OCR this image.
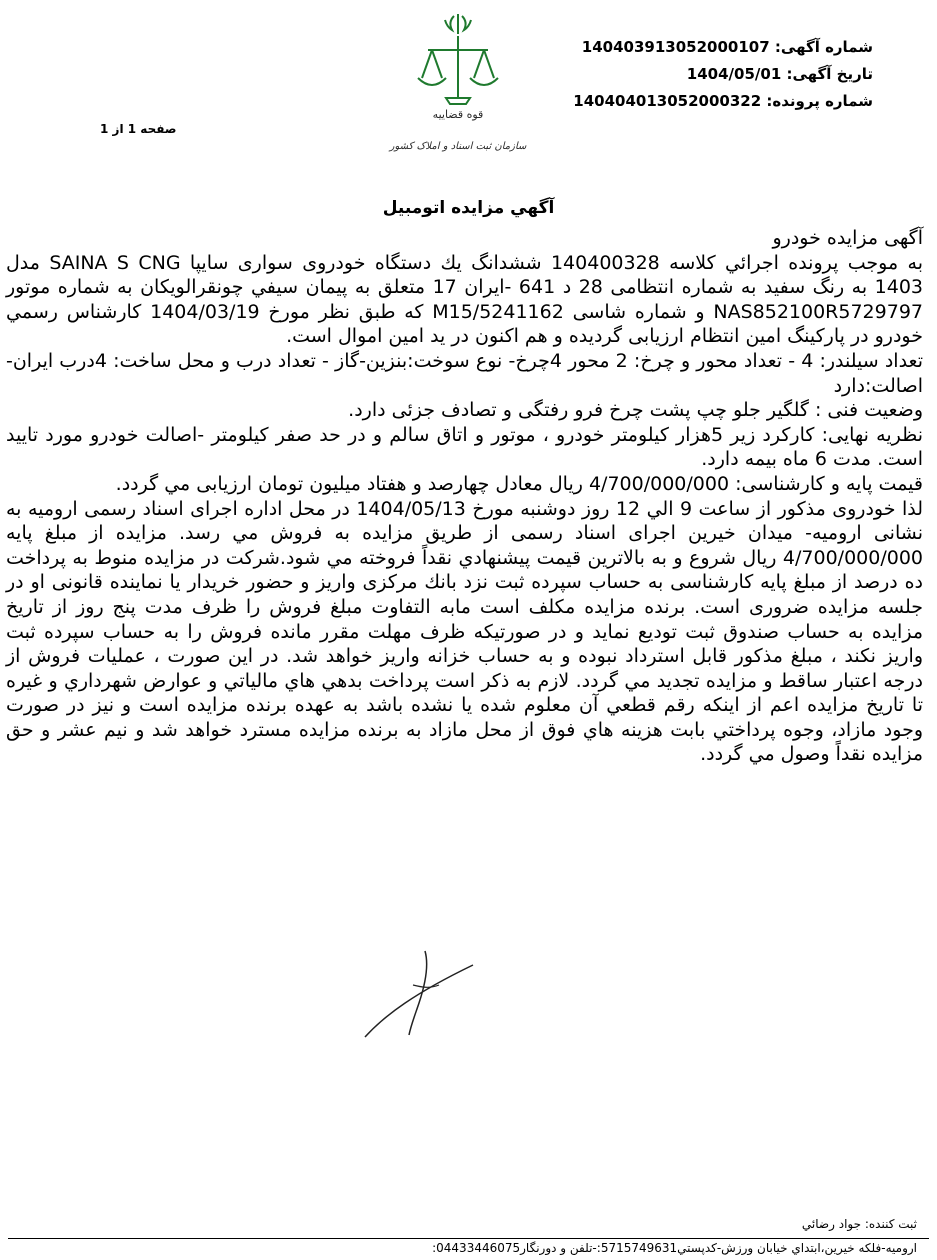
شماره آگهی: 14040391305200010‍7
تاریخ آگهی: 1404/05/01
شماره پرونده: 140404013052000322
قوه قضاییه
سازمان ثبت اسناد و املاک کشور
صفحه 1 از 1
آگهي مزايده اتومبيل

آگهی مزایده خودرو

به موجب پرونده اجرائي كلاسه 140400328 ششدانگ يك دستگاه خودروی سواری سايپا SAINA S CNG مدل 1403 به رنگ سفيد به شماره انتظامی 28 د 641 -ایران 17 متعلق به پيمان سيفي چونقرالويكان به شماره موتور NAS852100R5729797 و شماره شاسی M15/5241162 كه طبق نظر مورخ 1404/03/19 كارشناس رسمي خودرو در پاركينگ امين انتظام ارزيابی گرديده و هم اکنون در يد امين اموال است.

تعداد سیلندر: 4 - تعداد محور و چرخ: 2 محور 4چرخ- نوع سوخت:بنزین-گاز - تعداد درب و محل ساخت: 4درب ایران- اصالت:دارد

وضعیت فنی : گلگیر جلو چپ پشت چرخ فرو رفتگی و تصادف جزئی دارد.

نظریه نهایی: کارکرد زیر 5هزار کیلومتر خودرو ، موتور و اتاق سالم و در حد صفر کیلومتر -اصالت خودرو مورد تایید است. مدت 6 ماه بیمه دارد.

قيمت پايه و كارشناسی: 4/700/000/000 ريال معادل چهارصد و هفتاد میلیون تومان ارزيابی مي گردد.

لذا خودروی مذكور از ساعت 9 الي 12 روز دوشنبه مورخ 1404/05/13 در محل اداره اجرای اسناد رسمی اروميه به نشانی اروميه- ميدان خيرين اجرای اسناد رسمی از طريق مزايده به فروش مي رسد. مزايده از مبلغ پايه 4/700/000/000 ريال شروع و به بالاترين قيمت پيشنهادي نقداً فروخته مي شود.شركت در مزايده منوط به پرداخت ده درصد از مبلغ پايه كارشناسی به حساب سپرده ثبت نزد بانك مركزی واريز و حضور خريدار يا نماينده قانونی او در جلسه مزايده ضروری است. برنده مزايده مكلف است مابه التفاوت مبلغ فروش را ظرف مدت پنج روز از تاريخ مزايده به حساب صندوق ثبت توديع نمايد و در صورتيكه ظرف مهلت مقرر مانده فروش را به حساب سپرده ثبت واريز نكند ، مبلغ مذكور قابل استرداد نبوده و به حساب خزانه واريز خواهد شد. در اين صورت ، عمليات فروش از درجه اعتبار ساقط و مزايده تجديد مي گردد. لازم به ذكر است پرداخت بدهي هاي مالياتي و عوارض شهرداري و غيره تا تاريخ مزايده اعم از اينكه رقم قطعي آن معلوم شده يا نشده باشد به عهده برنده مزايده است و نيز در صورت وجود مازاد، وجوه پرداختي بابت هزينه هاي فوق از محل مازاد به برنده مزايده مسترد خواهد شد و نيم عشر و حق مزايده نقداً وصول مي گردد.

ثبت کننده: جواد رضائي
اروميه-فلكه خيرين،ابتداي خيابان ورزش-كدپستي5715749631:-تلفن و دورنگار04433446075:
